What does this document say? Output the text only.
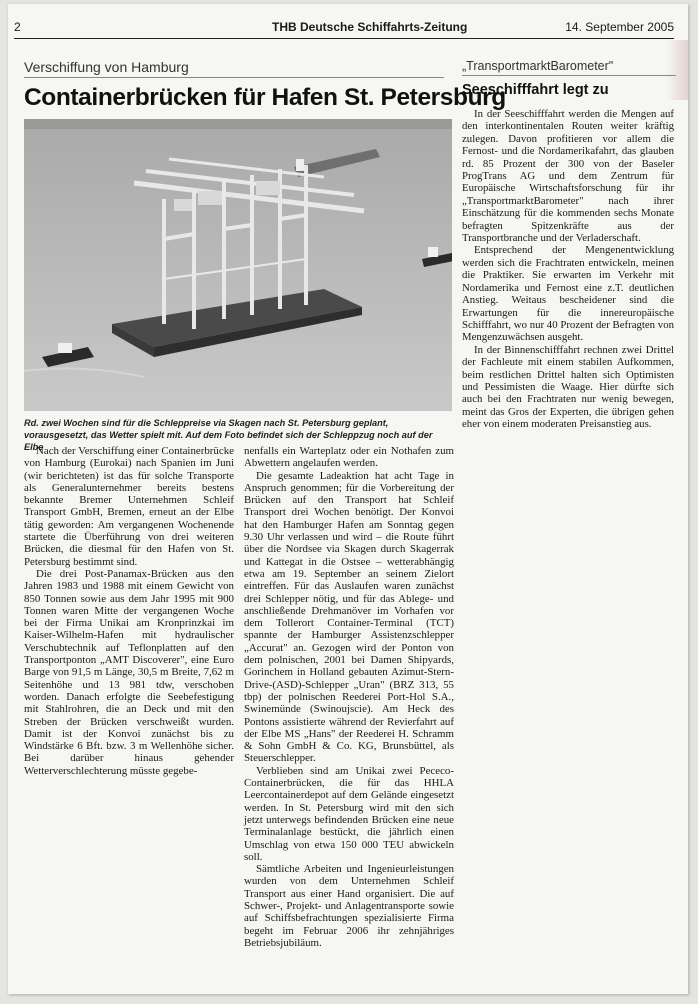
2	THB Deutsche Schiffahrts-Zeitung	14. September 2005
Verschiffung von Hamburg
Containerbrücken für Hafen St. Petersburg
Rd. zwei Wochen sind für die Schleppreise via Skagen nach St. Petersburg geplant, vorausgesetzt, das Wetter spielt mit. Auf dem Foto befindet sich der Schleppzug noch auf der Elbe

Nach der Verschiffung einer Containerbrücke von Hamburg (Eurokai) nach Spanien im Juni (wir berichteten) ist das für solche Transporte als Generalunternehmer bereits bestens bekannte Bremer Unternehmen Schleif Transport GmbH, Bremen, erneut an der Elbe tätig geworden: Am vergangenen Wochenende startete die Überführung von drei weiteren Brücken, die diesmal für den Hafen von St. Petersburg bestimmt sind.

Die drei Post-Panamax-Brücken aus den Jahren 1983 und 1988 mit einem Gewicht von 850 Tonnen sowie aus dem Jahr 1995 mit 900 Tonnen waren Mitte der vergangenen Woche bei der Firma Unikai am Kronprinzkai im Kaiser-Wilhelm-Hafen mit hydraulischer Verschubtechnik auf Teflonplatten auf den Transportponton „AMT Discoverer", eine Euro Barge von 91,5 m Länge, 30,5 m Breite, 7,62 m Seitenhöhe und 13 981 tdw, verschoben worden. Danach erfolgte die Seebefestigung mit Stahlrohren, die an Deck und mit den Streben der Brücken verschweißt wurden. Damit ist der Konvoi zunächst bis zu Windstärke 6 Bft. bzw. 3 m Wellenhöhe sicher. Bei darüber hinaus gehender Wetterverschlechterung müsste gegebe-

nenfalls ein Warteplatz oder ein Nothafen zum Abwettern angelaufen werden.

Die gesamte Ladeaktion hat acht Tage in Anspruch genommen; für die Vorbereitung der Brücken auf den Transport hat Schleif Transport drei Wochen benötigt. Der Konvoi hat den Hamburger Hafen am Sonntag gegen 9.30 Uhr verlassen und wird – die Route führt über die Nordsee via Skagen durch Skagerrak und Kattegat in die Ostsee – wetterabhängig etwa am 19. September an seinem Zielort eintreffen. Für das Auslaufen waren zunächst drei Schlepper nötig, und für das Ablege- und anschließende Drehmanöver im Vorhafen vor dem Tollerort Container-Terminal (TCT) spannte der Hamburger Assistenzschlepper „Accurat" an. Gezogen wird der Ponton von dem polnischen, 2001 bei Damen Shipyards, Gorinchem in Holland gebauten Azimut-Stern-Drive-(ASD)-Schlepper „Uran" (BRZ 313, 55 tbp) der polnischen Reederei Port-Hol S.A., Swinemünde (Swinoujscie). Am Heck des Pontons assistierte während der Revierfahrt auf der Elbe MS „Hans" der Reederei H. Schramm & Sohn GmbH & Co. KG, Brunsbüttel, als Steuerschlepper.

Verblieben sind am Unikai zwei Pececo-Containerbrücken, die für das HHLA Leercontainerdepot auf dem Gelände eingesetzt werden. In St. Petersburg wird mit den sich jetzt unterwegs befindenden Brücken eine neue Terminalanlage bestückt, die jährlich einen Umschlag von etwa 150 000 TEU abwickeln soll.

Sämtliche Arbeiten und Ingenieurleistungen wurden von dem Unternehmen Schleif Transport aus einer Hand organisiert. Die auf Schwer-, Projekt- und Anlagentransporte sowie auf Schiffsbefrachtungen spezialisierte Firma begeht im Februar 2006 ihr zehnjähriges Betriebsjubiläum.

„TransportmarktBarometer"
Seeschifffahrt legt zu

In der Seeschifffahrt werden die Mengen auf den interkontinentalen Routen weiter kräftig zulegen. Davon profitieren vor allem die Fernost- und die Nordamerikafahrt, das glauben rd. 85 Prozent der 300 von der Baseler ProgTrans AG und dem Zentrum für Europäische Wirtschaftsforschung für ihr „TransportmarktBarometer" nach ihrer Einschätzung für die kommenden sechs Monate befragten Spitzenkräfte aus der Transportbranche und der Verladerschaft.

Entsprechend der Mengenentwicklung werden sich die Frachtraten entwickeln, meinen die Praktiker. Sie erwarten im Verkehr mit Nordamerika und Fernost eine z.T. deutlichen Anstieg. Weitaus bescheidener sind die Erwartungen für die innereuropäische Schifffahrt, wo nur 40 Prozent der Befragten von Mengenzuwächsen ausgeht.

In der Binnenschifffahrt rechnen zwei Drittel der Fachleute mit einem stabilen Aufkommen, beim restlichen Drittel halten sich Optimisten und Pessimisten die Waage. Hier dürfte sich auch bei den Frachtraten nur wenig bewegen, meint das Gros der Experten, die übrigen gehen eher von einem moderaten Preisanstieg aus.
